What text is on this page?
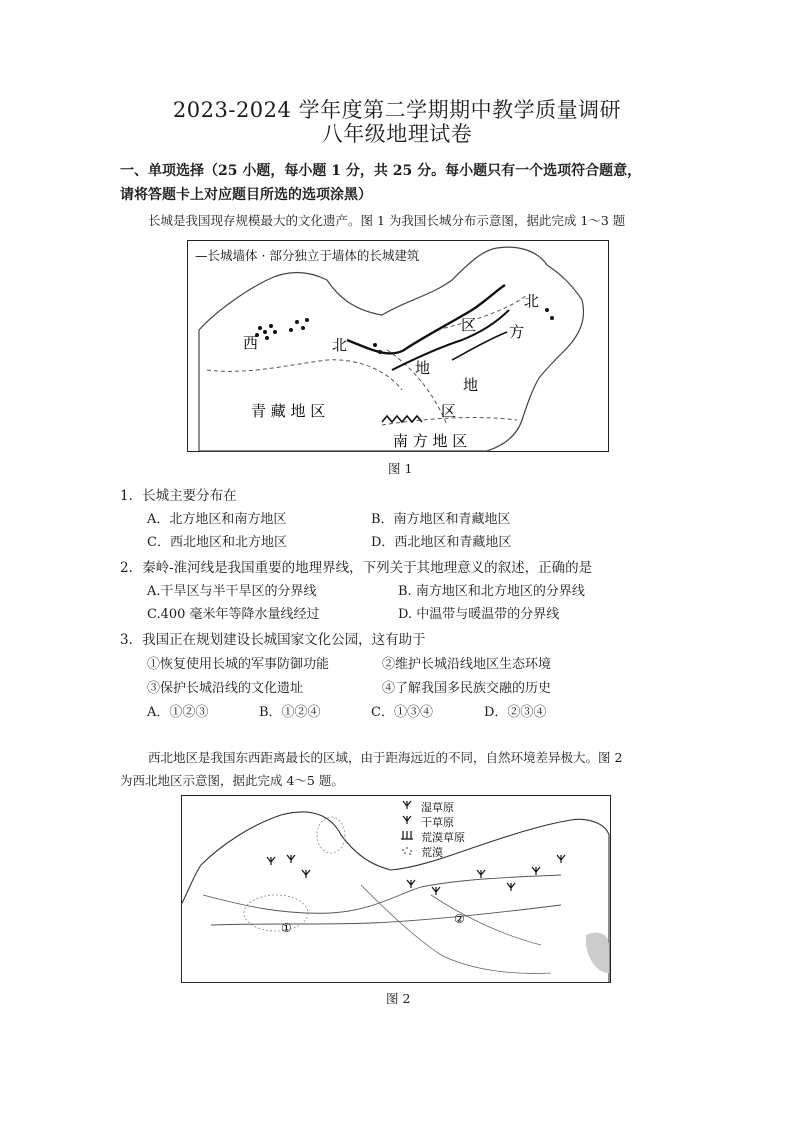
2023-2024 学年度第二学期期中教学质量调研
八年级地理试卷
一、单项选择（25 小题，每小题 1 分，共 25 分。每小题只有一个选项符合题意，
请将答题卡上对应题目所选的选项涂黑）
长城是我国现存规模最大的文化遗产。图 1 为我国长城分布示意图，据此完成 1～3 题
—长城墙体 · 部分独立于墙体的长城建筑
西	北
北
区 方
地
地
区
青 藏 地 区
南 方 地 区
图 1
1．长城主要分布在
A．北方地区和南方地区	B．南方地区和青藏地区
C．西北地区和北方地区	D．西北地区和青藏地区
2．秦岭-淮河线是我国重要的地理界线，下列关于其地理意义的叙述，正确的是
A.干旱区与半干旱区的分界线	B. 南方地区和北方地区的分界线
C.400 毫米年等降水量线经过	D. 中温带与暖温带的分界线
3．我国正在规划建设长城国家文化公园，这有助于
①恢复使用长城的军事防御功能	②维护长城沿线地区生态环境
③保护长城沿线的文化遗址	④了解我国多民族交融的历史
A．①②③	B．①②④	C．①③④	D．②③④
西北地区是我国东西距离最长的区域，由于距海远近的不同，自然环境差异极大。图 2
为西北地区示意图，据此完成 4～5 题。
湿草原
干草原
荒漠草原
荒漠
①
②
图 2
